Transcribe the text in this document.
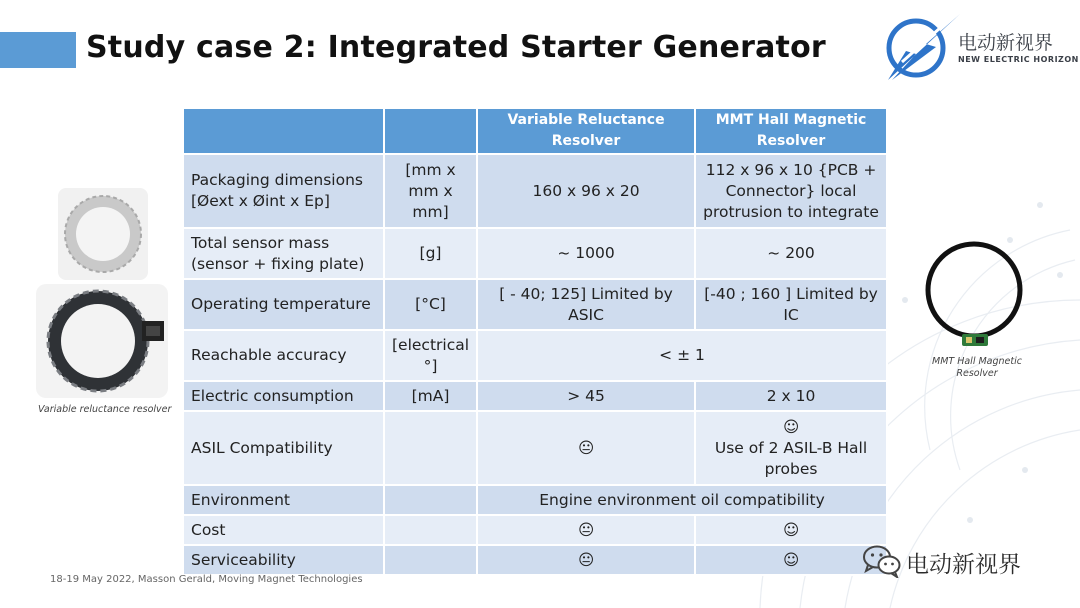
Study case 2: Integrated Starter Generator	电动新视界
NEW ELECTRIC HORIZON
Variable reluctance resolver
MMT Hall Magnetic Resolver
		Variable Reluctance Resolver	MMT Hall Magnetic Resolver
Packaging dimensions [Øext x Øint x Ep]	[mm x mm x mm]	160 x 96 x 20	112 x 96 x 10 {PCB + Connector} local protrusion to integrate
Total sensor mass (sensor + fixing plate)	[g]	~ 1000	~ 200
Operating temperature	[°C]	[ - 40; 125] Limited by ASIC	[-40 ; 160 ] Limited by IC
Reachable accuracy	[electrical °]	< ± 1	
Electric consumption	[mA]	> 45	2 x 10
ASIL Compatibility		😐	☺
Use of 2 ASIL-B Hall probes

Environment		Engine environment oil compatibility	
Cost		😐	☺
Serviceability		😐	☺
18-19 May 2022, Masson Gerald, Moving Magnet Technologies
电动新视界
